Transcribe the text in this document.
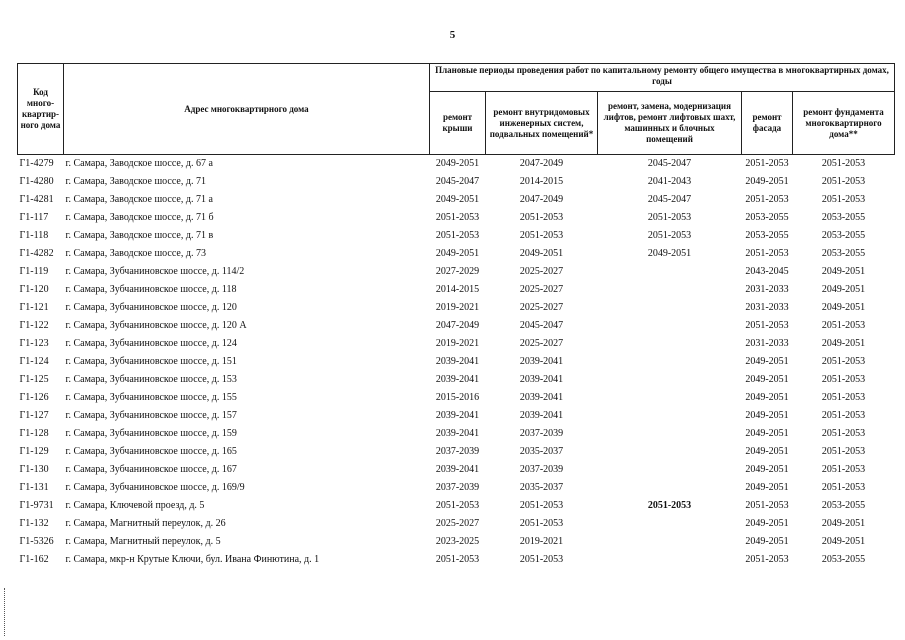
5
Код много-квартир-ного дома	Адрес многоквартирного дома	Плановые периоды проведения работ по капитальному ремонту общего имущества в многоквартирных домах, годы				
		ремонт крыши	ремонт внутридомовых инженерных систем, подвальных помещений*	ремонт, замена, модернизация лифтов, ремонт лифтовых шахт, машинных и блочных помещений	ремонт фасада	ремонт фундамента многоквартирного дома**
Г1-4279	г. Самара, Заводское шоссе, д. 67 а	2049-2051	2047-2049	2045-2047	2051-2053	2051-2053
Г1-4280	г. Самара, Заводское шоссе, д. 71	2045-2047	2014-2015	2041-2043	2049-2051	2051-2053
Г1-4281	г. Самара, Заводское шоссе, д. 71 а	2049-2051	2047-2049	2045-2047	2051-2053	2051-2053
Г1-117	г. Самара, Заводское шоссе, д. 71 б	2051-2053	2051-2053	2051-2053	2053-2055	2053-2055
Г1-118	г. Самара, Заводское шоссе, д. 71 в	2051-2053	2051-2053	2051-2053	2053-2055	2053-2055
Г1-4282	г. Самара, Заводское шоссе, д. 73	2049-2051	2049-2051	2049-2051	2051-2053	2053-2055
Г1-119	г. Самара, Зубчаниновское шоссе, д. 114/2	2027-2029	2025-2027		2043-2045	2049-2051
Г1-120	г. Самара, Зубчаниновское шоссе, д. 118	2014-2015	2025-2027		2031-2033	2049-2051
Г1-121	г. Самара, Зубчаниновское шоссе, д. 120	2019-2021	2025-2027		2031-2033	2049-2051
Г1-122	г. Самара, Зубчаниновское шоссе, д. 120 А	2047-2049	2045-2047		2051-2053	2051-2053
Г1-123	г. Самара, Зубчаниновское шоссе, д. 124	2019-2021	2025-2027		2031-2033	2049-2051
Г1-124	г. Самара, Зубчаниновское шоссе, д. 151	2039-2041	2039-2041		2049-2051	2051-2053
Г1-125	г. Самара, Зубчаниновское шоссе, д. 153	2039-2041	2039-2041		2049-2051	2051-2053
Г1-126	г. Самара, Зубчаниновское шоссе, д. 155	2015-2016	2039-2041		2049-2051	2051-2053
Г1-127	г. Самара, Зубчаниновское шоссе, д. 157	2039-2041	2039-2041		2049-2051	2051-2053
Г1-128	г. Самара, Зубчаниновское шоссе, д. 159	2039-2041	2037-2039		2049-2051	2051-2053
Г1-129	г. Самара, Зубчаниновское шоссе, д. 165	2037-2039	2035-2037		2049-2051	2051-2053
Г1-130	г. Самара, Зубчаниновское шоссе, д. 167	2039-2041	2037-2039		2049-2051	2051-2053
Г1-131	г. Самара, Зубчаниновское шоссе, д. 169/9	2037-2039	2035-2037		2049-2051	2051-2053
Г1-9731	г. Самара, Ключевой проезд, д. 5	2051-2053	2051-2053	2051-2053	2051-2053	2053-2055
Г1-132	г. Самара, Магнитный переулок, д. 26	2025-2027	2051-2053		2049-2051	2049-2051
Г1-5326	г. Самара, Магнитный переулок, д. 5	2023-2025	2019-2021		2049-2051	2049-2051
Г1-162	г. Самара, мкр-н Крутые Ключи, бул. Ивана Финютина, д. 1	2051-2053	2051-2053		2051-2053	2053-2055
